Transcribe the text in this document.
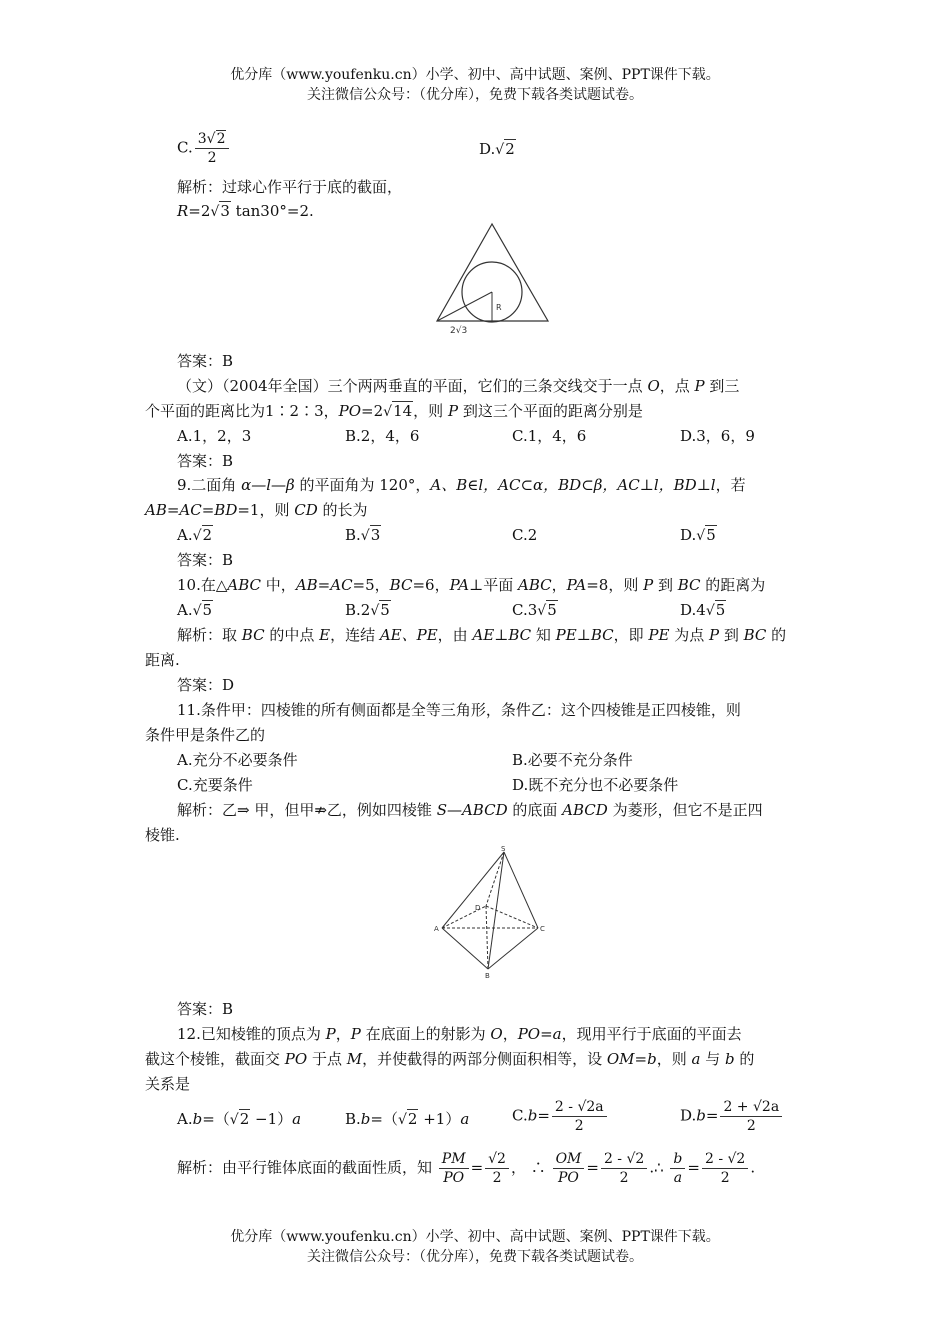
优分库（www.youfenku.cn）小学、初中、高中试题、案例、PPT课件下载。
关注微信公众号：（优分库），免费下载各类试题试卷。
C. $\frac{3√2}{2}$	D.√2
解析：过球心作平行于底的截面，
R=2√3 tan30°=2.
R
2√3
答案：B
（文）（2004年全国）三个两两垂直的平面，它们的三条交线交于一点 O，点 P 到三
个平面的距离比为1∶2∶3，PO=2√14，则 P 到这三个平面的距离分别是
A.1，2，3	B.2，4，6	C.1，4，6	D.3，6，9
答案：B
9.二面角 α—l—β 的平面角为 120°，A、B∈l，AC⊂α，BD⊂β，AC⊥l，BD⊥l，若
AB=AC=BD=1，则 CD 的长为
A.√2	B.√3	C.2	D.√5
答案：B
10.在△ABC 中，AB=AC=5，BC=6，PA⊥平面 ABC，PA=8，则 P 到 BC 的距离为
A.√5	B.2√5	C.3√5	D.4√5
解析：取 BC 的中点 E，连结 AE、PE，由 AE⊥BC 知 PE⊥BC，即 PE 为点 P 到 BC 的
距离.
答案：D
11.条件甲：四棱锥的所有侧面都是全等三角形，条件乙：这个四棱锥是正四棱锥，则
条件甲是条件乙的
A.充分不必要条件	B.必要不充分条件
C.充要条件	D.既不充分也不必要条件
解析：乙⇒ 甲，但甲⇏乙，例如四棱锥 S—ABCD 的底面 ABCD 为菱形，但它不是正四
棱锥.
S
D
A	C
B
答案：B
12.已知棱锥的顶点为 P，P 在底面上的射影为 O，PO=a，现用平行于底面的平面去
截这个棱锥，截面交 PO 于点 M，并使截得的两部分侧面积相等，设 OM=b，则 a 与 b 的
关系是
A.b=（√2 −1）a	B.b=（√2 +1）a	$C.b= \frac{2 - √2a}{2}$	$D.b= \frac{2 + √2a}{2}$
解析：由平行锥体底面的截面性质，知 $\frac{PM}{PO} = \frac{√2}{2}$ ， ∴ $\frac{OM}{PO} = \frac{2 - √2}{2}$ .∴ $\frac{b}{a} = \frac{2 - √2}{2}$ .
优分库（www.youfenku.cn）小学、初中、高中试题、案例、PPT课件下载。
关注微信公众号：（优分库），免费下载各类试题试卷。
